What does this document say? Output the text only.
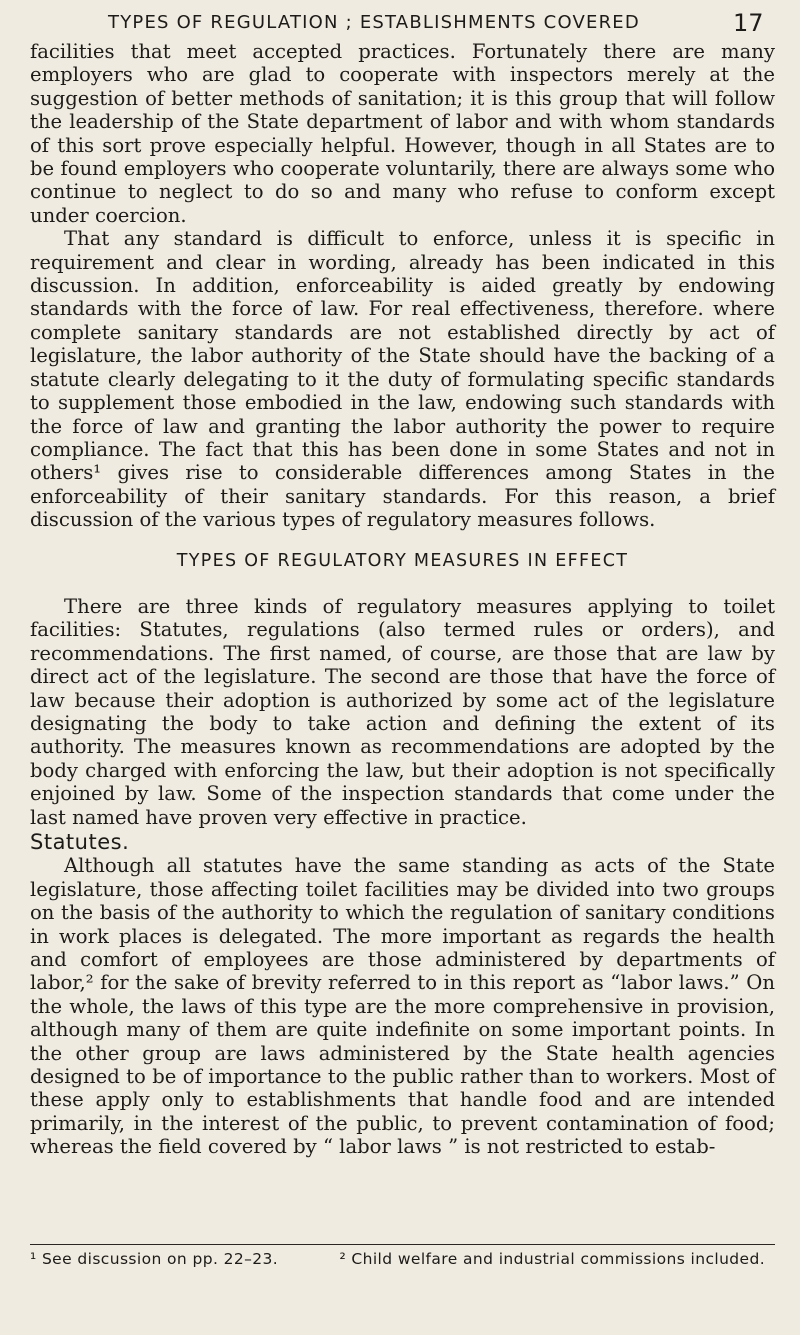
TYPES OF REGULATION ; ESTABLISHMENTS COVERED	17

facilities that meet accepted practices. Fortunately there are many employers who are glad to cooperate with inspectors merely at the suggestion of better methods of sanitation; it is this group that will follow the leadership of the State department of labor and with whom standards of this sort prove especially helpful. However, though in all States are to be found employers who cooperate voluntarily, there are always some who continue to neglect to do so and many who refuse to conform except under coercion.

That any standard is difficult to enforce, unless it is specific in requirement and clear in wording, already has been indicated in this discussion. In addition, enforceability is aided greatly by endowing standards with the force of law. For real effectiveness, therefore. where complete sanitary standards are not established directly by act of legislature, the labor authority of the State should have the backing of a statute clearly delegating to it the duty of formulating specific standards to supplement those embodied in the law, endowing such standards with the force of law and granting the labor authority the power to require compliance. The fact that this has been done in some States and not in others¹ gives rise to considerable differences among States in the enforceability of their sanitary standards. For this reason, a brief discussion of the various types of regulatory measures follows.

TYPES OF REGULATORY MEASURES IN EFFECT

There are three kinds of regulatory measures applying to toilet facilities: Statutes, regulations (also termed rules or orders), and recommendations. The first named, of course, are those that are law by direct act of the legislature. The second are those that have the force of law because their adoption is authorized by some act of the legislature designating the body to take action and defining the extent of its authority. The measures known as recommendations are adopted by the body charged with enforcing the law, but their adoption is not specifically enjoined by law. Some of the inspection standards that come under the last named have proven very effective in practice.

Statutes.

Although all statutes have the same standing as acts of the State legislature, those affecting toilet facilities may be divided into two groups on the basis of the authority to which the regulation of sanitary conditions in work places is delegated. The more important as regards the health and comfort of employees are those administered by departments of labor,² for the sake of brevity referred to in this report as “labor laws.” On the whole, the laws of this type are the more comprehensive in provision, although many of them are quite indefinite on some important points. In the other group are laws administered by the State health agencies designed to be of importance to the public rather than to workers. Most of these apply only to establishments that handle food and are intended primarily, in the interest of the public, to prevent contamination of food; whereas the field covered by “ labor laws ” is not restricted to estab-

¹ See discussion on pp. 22–23.	² Child welfare and industrial commissions included.
